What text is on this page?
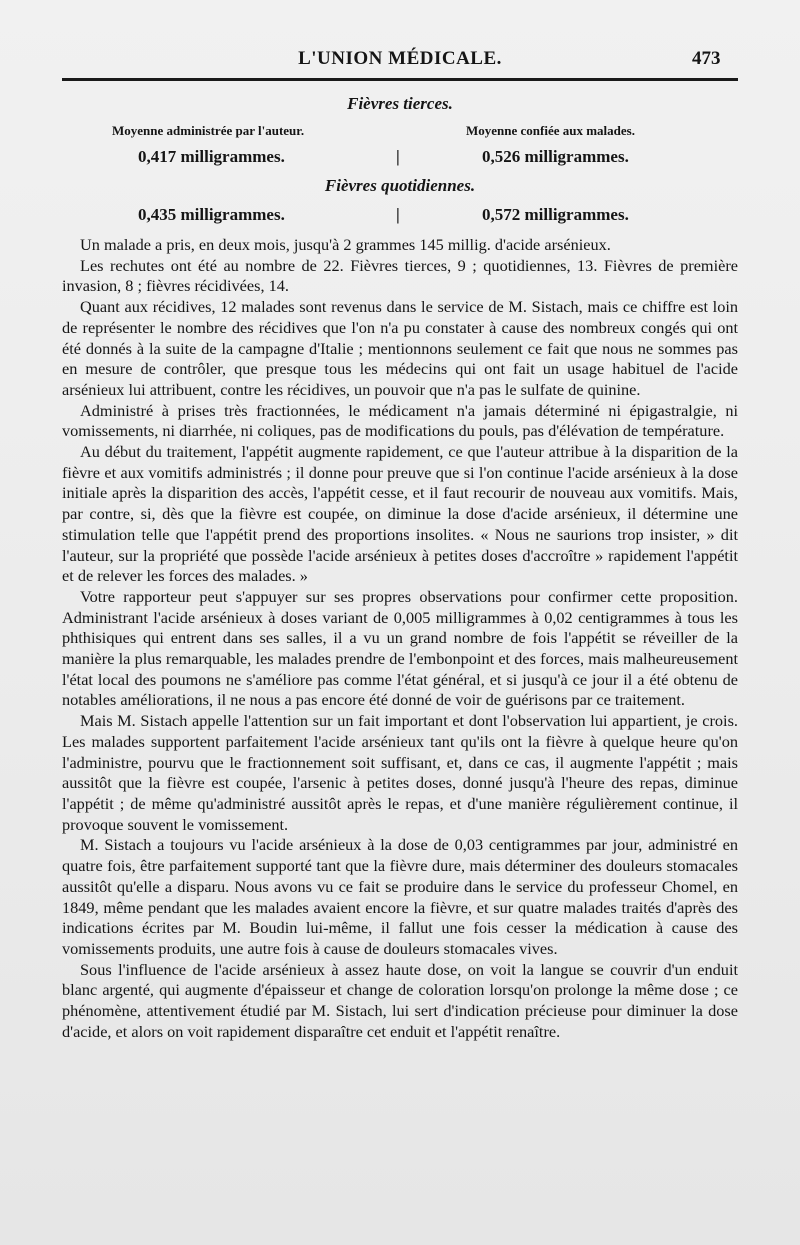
L'UNION MÉDICALE.	473
Fièvres tierces.
Moyenne administrée par l'auteur.	Moyenne confiée aux malades.
0,417 milligrammes.	|	0,526 milligrammes.
Fièvres quotidiennes.
0,435 milligrammes.	|	0,572 milligrammes.

Un malade a pris, en deux mois, jusqu'à 2 grammes 145 millig. d'acide arsénieux.

Les rechutes ont été au nombre de 22. Fièvres tierces, 9 ; quotidiennes, 13. Fièvres de première invasion, 8 ; fièvres récidivées, 14.

Quant aux récidives, 12 malades sont revenus dans le service de M. Sistach, mais ce chiffre est loin de représenter le nombre des récidives que l'on n'a pu constater à cause des nombreux congés qui ont été donnés à la suite de la campagne d'Italie ; mentionnons seulement ce fait que nous ne sommes pas en mesure de contrôler, que presque tous les médecins qui ont fait un usage habituel de l'acide arsénieux lui attribuent, contre les récidives, un pouvoir que n'a pas le sulfate de quinine.

Administré à prises très fractionnées, le médicament n'a jamais déterminé ni épigastralgie, ni vomissements, ni diarrhée, ni coliques, pas de modifications du pouls, pas d'élévation de température.

Au début du traitement, l'appétit augmente rapidement, ce que l'auteur attribue à la disparition de la fièvre et aux vomitifs administrés ; il donne pour preuve que si l'on continue l'acide arsénieux à la dose initiale après la disparition des accès, l'appétit cesse, et il faut recourir de nouveau aux vomitifs. Mais, par contre, si, dès que la fièvre est coupée, on diminue la dose d'acide arsénieux, il détermine une stimulation telle que l'appétit prend des proportions insolites. « Nous ne saurions trop insister, » dit l'auteur, sur la propriété que possède l'acide arsénieux à petites doses d'accroître » rapidement l'appétit et de relever les forces des malades. »

Votre rapporteur peut s'appuyer sur ses propres observations pour confirmer cette proposition. Administrant l'acide arsénieux à doses variant de 0,005 milligrammes à 0,02 centigrammes à tous les phthisiques qui entrent dans ses salles, il a vu un grand nombre de fois l'appétit se réveiller de la manière la plus remarquable, les malades prendre de l'embonpoint et des forces, mais malheureusement l'état local des poumons ne s'améliore pas comme l'état général, et si jusqu'à ce jour il a été obtenu de notables améliorations, il ne nous a pas encore été donné de voir de guérisons par ce traitement.

Mais M. Sistach appelle l'attention sur un fait important et dont l'observation lui appartient, je crois. Les malades supportent parfaitement l'acide arsénieux tant qu'ils ont la fièvre à quelque heure qu'on l'administre, pourvu que le fractionnement soit suffisant, et, dans ce cas, il augmente l'appétit ; mais aussitôt que la fièvre est coupée, l'arsenic à petites doses, donné jusqu'à l'heure des repas, diminue l'appétit ; de même qu'administré aussitôt après le repas, et d'une manière régulièrement continue, il provoque souvent le vomissement.

M. Sistach a toujours vu l'acide arsénieux à la dose de 0,03 centigrammes par jour, administré en quatre fois, être parfaitement supporté tant que la fièvre dure, mais déterminer des douleurs stomacales aussitôt qu'elle a disparu. Nous avons vu ce fait se produire dans le service du professeur Chomel, en 1849, même pendant que les malades avaient encore la fièvre, et sur quatre malades traités d'après des indications écrites par M. Boudin lui-même, il fallut une fois cesser la médication à cause des vomissements produits, une autre fois à cause de douleurs stomacales vives.

Sous l'influence de l'acide arsénieux à assez haute dose, on voit la langue se couvrir d'un enduit blanc argenté, qui augmente d'épaisseur et change de coloration lorsqu'on prolonge la même dose ; ce phénomène, attentivement étudié par M. Sistach, lui sert d'indication précieuse pour diminuer la dose d'acide, et alors on voit rapidement disparaître cet enduit et l'appétit renaître.
